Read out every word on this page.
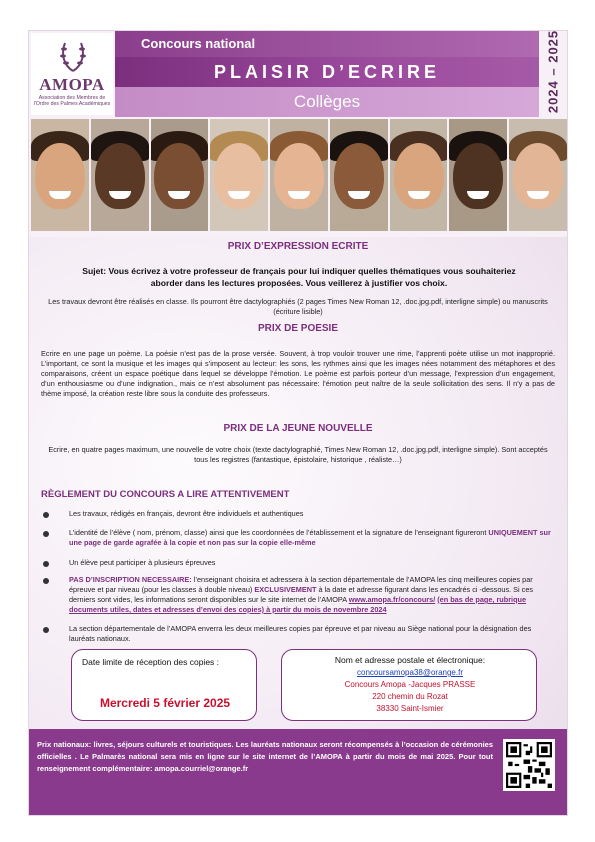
AMOPA
Association des Membres de l'Ordre des Palmes Académiques
Concours national
PLAISIR D’ECRIRE
Collèges	2024 – 2025
PRIX D’EXPRESSION ECRITE
Sujet: Vous écrivez à votre professeur de français pour lui indiquer quelles thématiques vous souhaiteriez aborder dans les lectures proposées. Vous veillerez à justifier vos choix.
Les travaux devront être réalisés en classe. Ils pourront être dactylographiés (2 pages Times New Roman 12, .doc.jpg.pdf, interligne simple) ou manuscrits (écriture lisible)
PRIX DE POESIE
Ecrire en une page un poème. La poésie n’est pas de la prose versée. Souvent, à trop vouloir trouver une rime, l’apprenti poète utilise un mot inapproprié. L’important, ce sont la musique et les images qui s’imposent au lecteur: les sons, les rythmes ainsi que les images nées notamment des métaphores et des comparaisons, créent un espace poétique dans lequel se développe l’émotion. Le poème est parfois porteur d’un message, l’expression d’un engagement, d’un enthousiasme ou d’une indignation., mais ce n’est absolument pas nécessaire: l’émotion peut naître de la seule sollicitation des sens. Il n’y a pas de thème imposé, la création reste libre sous la conduite des professeurs.
PRIX DE LA JEUNE NOUVELLE
Ecrire, en quatre pages maximum, une nouvelle de votre choix (texte dactylographié, Times New Roman 12, .doc.jpg.pdf, interligne simple). Sont acceptés tous les registres (fantastique, épistolaire, historique , réaliste…)
RÈGLEMENT DU CONCOURS A LIRE ATTENTIVEMENT
Les travaux, rédigés en français, devront être individuels et authentiques
L’identité de l’élève ( nom, prénom, classe) ainsi que les coordonnées de l’établissement et la signature de l’enseignant figureront UNIQUEMENT sur une page de garde agrafée à la copie et non pas sur la copie elle-même
Un élève peut participer à plusieurs épreuves
PAS D’INSCRIPTION NECESSAIRE: l’enseignant choisira et adressera à la section départementale de l’AMOPA les cinq meilleures copies par épreuve et par niveau (pour les classes à double niveau) EXCLUSIVEMENT à la date et adresse figurant dans les encadrés ci -dessous. Si ces derniers sont vides, les informations seront disponibles sur le site internet de l’AMOPA www.amopa.fr/concours/ (en bas de page, rubrique documents utiles, dates et adresses d’envoi des copies) à partir du mois de novembre 2024
La section départementale de l’AMOPA enverra les deux meilleures copies par épreuve et par niveau au Siège national pour la désignation des lauréats nationaux.
Date limite de réception des copies :
Mercredi 5 février 2025
Nom et adresse postale et électronique:
concoursamopa38@orange.fr
Concours Amopa -Jacques PRASSE
220 chemin du Rozat
38330 Saint-Ismier
Prix nationaux: livres, séjours culturels et touristiques. Les lauréats nationaux seront récompensés à l’occasion de cérémonies officielles . Le Palmarès national sera mis en ligne sur le site internet de l’AMOPA à partir du mois de mai 2025. Pour tout renseignement complémentaire: amopa.courriel@orange.fr
